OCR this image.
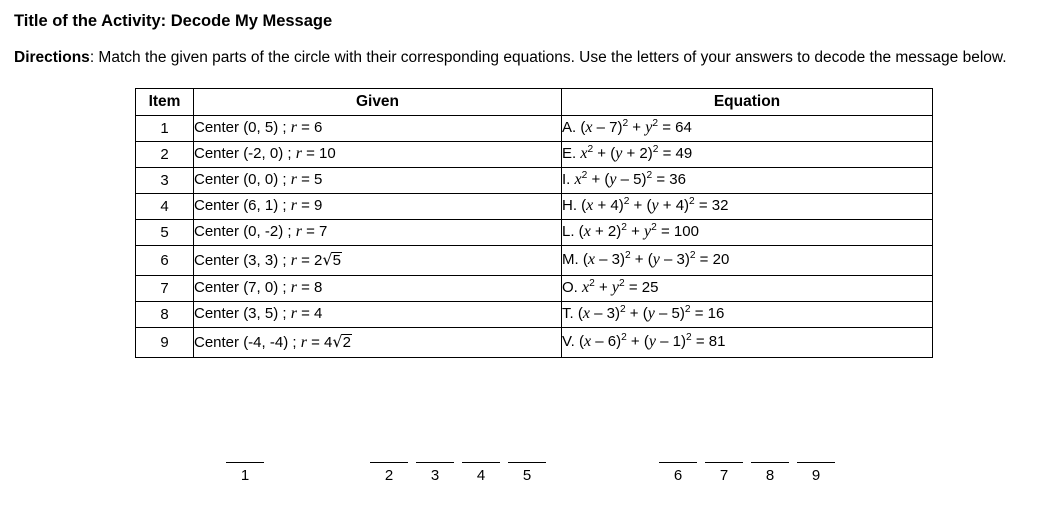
Title of the Activity: Decode My Message
Directions: Match the given parts of the circle with their corresponding equations. Use the letters of your answers to decode the message below.
Item	Given	Equation
1	Center (0, 5) ; r = 6	A. $(x - 7)^2 + y^2 = 64$
2	Center (-2, 0) ; r = 10	E. $x^2 + (y + 2)^2 = 49$
3	Center (0, 0) ; r = 5	I. $x^2 + (y - 5)^2 = 36$
4	Center (6, 1) ; r = 9	H. $(x + 4)^2 + (y + 4)^2 = 32$
5	Center (0, -2) ; r = 7	L. $(x + 2)^2 + y^2 = 100$
6	Center (3, 3) ; r = 2√5	M. (x – 3)$^2$ + (y – 3)$^2$ = 20
7	Center (7, 0) ; r = 8	O. $x^2 + y^2 = 25$
8	Center (3, 5) ; r = 4	T. (x – 3)$^2$ + (y – 5)$^2$ = 16
9	Center (-4, -4) ; r = 4√2	V. (x – 6)$^2$ + (y – 1)$^2$ = 81
1	2	3	4	5	6	7	8	9
